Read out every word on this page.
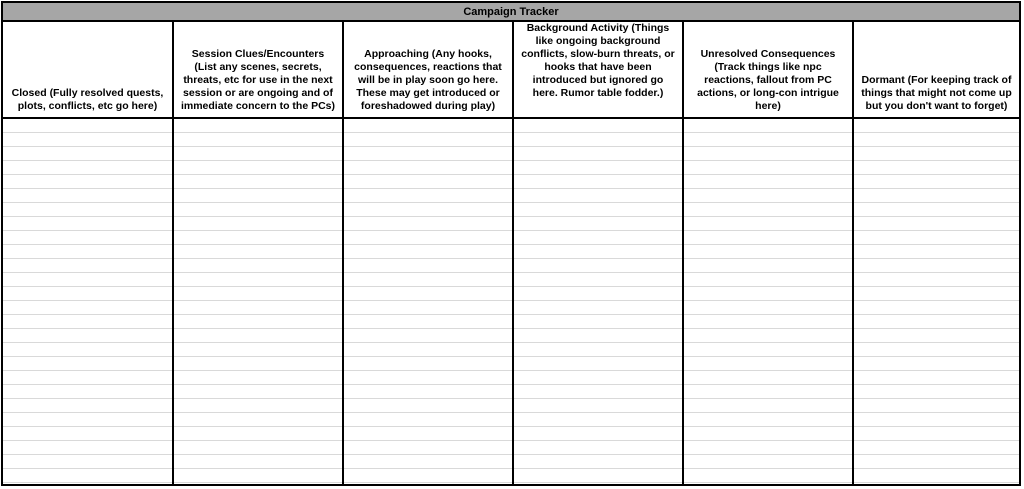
Campaign Tracker
Closed (Fully resolved quests, plots, conflicts, etc go here)
Session Clues/Encounters (List any scenes, secrets, threats, etc for use in the next session or are ongoing and of immediate concern to the PCs)
Approaching (Any hooks, consequences, reactions that will be in play soon go here. These may get introduced or foreshadowed during play)
Background Activity (Things like ongoing background conflicts, slow-burn threats, or hooks that have been introduced but ignored go here. Rumor table fodder.)
Unresolved Consequences (Track things like npc reactions, fallout from PC actions, or long-con intrigue here)
Dormant (For keeping track of things that might not come up but you don't want to forget)
